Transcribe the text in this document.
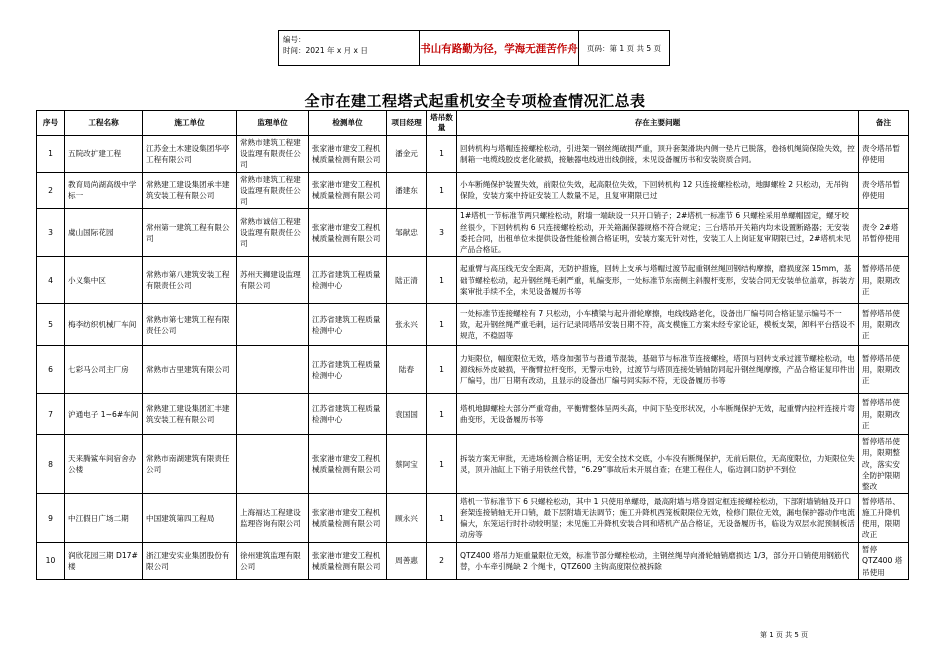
编号：
时间：2021 年 x 月 x 日	书山有路勤为径，学海无涯苦作舟	页码：第 1 页 共 5 页
全市在建工程塔式起重机安全专项检查情况汇总表
序号	工程名称	施工单位	监理单位	检测单位	项目经理	塔吊数量	存在主要问题	备注
1	五院改扩建工程	江苏金土木建设集团华亭工程有限公司	常熟市建筑工程建设监理有限责任公司	张家港市建安工程机械质量检测有限公司	潘金元	1	回转机构与塔帽连接螺栓松动，引进架一钢丝绳破损严重，顶升套架滑块内侧一垫片已脱落，卷扬机绳筒保险失效，控制箱一电缆线胶皮老化破损，接触器电线进出线倒接，未见设备履历书和安装资质合同。	责令塔吊暂停使用
2	教育局尚湖高级中学标一	常熟建工建设集团承丰建筑安装工程有限公司	常熟市建筑工程建设监理有限责任公司	张家港市建安工程机械质量检测有限公司	潘建东	1	小车断绳保护装置失效，前限位失效，起高限位失效，下回转机构 12 只连接螺栓松动，地脚螺栓 2 只松动，无吊钩保险，安装方案中持证安装工人数量不足，且复审期限已过	责令塔吊暂停使用
3	虞山国际花园	常州第一建筑工程有限公司	常熟市诚信工程建设监理有限责任公司	张家港市建安工程机械质量检测有限公司	邹献忠	3	1#塔机一节标准节两只螺栓松动，附墙一端缺设一只开口销子；2#塔机一标准节 6 只螺栓采用单螺帽固定，螺牙咬丝很少，下回转机构 6 只连接螺栓松动，开关箱漏保器规格不符合规定；三台塔吊开关箱内均未设置断路器；无安装委托合同，出租单位未提供设备性能检测合格证明，安装方案无针对性，安装工人上岗证复审期限已过，2#塔机未见产品合格证。	责令 2#塔吊暂停使用
4	小义集中区	常熟市第八建筑安装工程有限责任公司	苏州天狮建设监理有限公司	江苏省建筑工程质量检测中心	陆正清	1	起重臂与高压线无安全距离，无防护措施，回转上支承与塔帽过渡节起重钢丝绳回钢结构摩擦，磨损度深 15mm，基础节螺栓松动，起升钢丝绳毛刺严重，轧编变形，一处标准节东南侧主斜腹杆变形，安装合同无安装单位盖章，拆装方案审批手续不全，未见设备履历书等	暂停塔吊使用，限期改正
5	梅李纺织机械厂车间	常熟市第七建筑工程有限责任公司		江苏省建筑工程质量检测中心	张永兴	1	一处标准节连接螺栓有 7 只松动，小车横梁与起升滑轮摩擦，电线线路老化，设备出厂编号同合格证显示编号不一致，起升钢丝绳严重毛刺，运行记录同塔吊安装日期不符，高支模施工方案未经专家论证，模板支架，卸料平台搭设不规范，不稳固等	暂停塔吊使用，限期改正
6	七彩马公司主厂房	常熟市古里建筑有限公司		江苏省建筑工程质量检测中心	陆春	1	力矩限位，幅度限位无效，塔身加强节与普通节混装，基础节与标准节连接螺栓，塔顶与回转支承过渡节螺栓松动，电源线标外皮破损，平衡臂拉杆变形，无警示电铃，过渡节与塔顶连接处销轴防同起升钢丝绳摩擦，产品合格证复印件出厂编号，出厂日期有改动，且显示的设备出厂编号同实际不符，无设备履历书等	暂停塔吊使用，限期改正
7	沪通电子 1~6#车间	常熟建工建设集团汇丰建筑安装工程有限公司		江苏省建筑工程质量检测中心	袁国国	1	塔机地脚螺栓大部分严重弯曲，平衡臂整体呈两头高，中间下坠变形状况，小车断绳保护无效，起重臂内拉杆连接片弯曲变形，无设备履历书等	暂停塔吊使用，限期改正
8	天来腾鲨车间宿舍办公楼	常熟市南湖建筑有限责任公司		张家港市建安工程机械质量检测有限公司	蔡阿宝	1	拆装方案无审批，无进场检测合格证明，无安全技术交底，小车没有断绳保护，无前后限位，无高度限位，力矩限位失灵，顶升油缸上下销子用铁丝代替，“6.29”事故后未开展自查；在建工程住人，临边洞口防护不到位	暂停塔吊使用，限期整改，落实安全防护限期整改
9	中江假日广场二期	中国建筑第四工程局	上海福达工程建设监理咨询有限公司	张家港市建安工程机械质量检测有限公司	顾永兴	1	塔机一节标准节下 6 只螺栓松动，其中 1 只使用单螺母，最高附墙与塔身固定框连接螺栓松动，下部附墙销轴及开口套架连接销轴无开口销，最下层附墙无法调节；施工升降机西笼板限限位无效，检修门限位无效，漏电保护器动作电流偏大，东笼运行时扑动较明显；未见施工升降机安装合同和塔机产品合格证，无设备履历书，临设为双层水泥预制板活动房等	暂停塔吊、施工升降机使用，限期改正
10	润欣花园三期 D17#楼	浙江建安实业集团股份有限公司	徐州建筑监理有限公司	张家港市建安工程机械质量检测有限公司	周善惠	2	QTZ400 塔吊力矩重量限位无效，标准节部分螺栓松动，主钢丝绳导向滑轮轴销磨损达 1/3，部分开口销使用钢筋代替，小车牵引绳缺 2 个绳卡，QTZ600 主钩高度限位被拆除	暂停 QTZ400 塔吊使用
第 1 页 共 5 页
